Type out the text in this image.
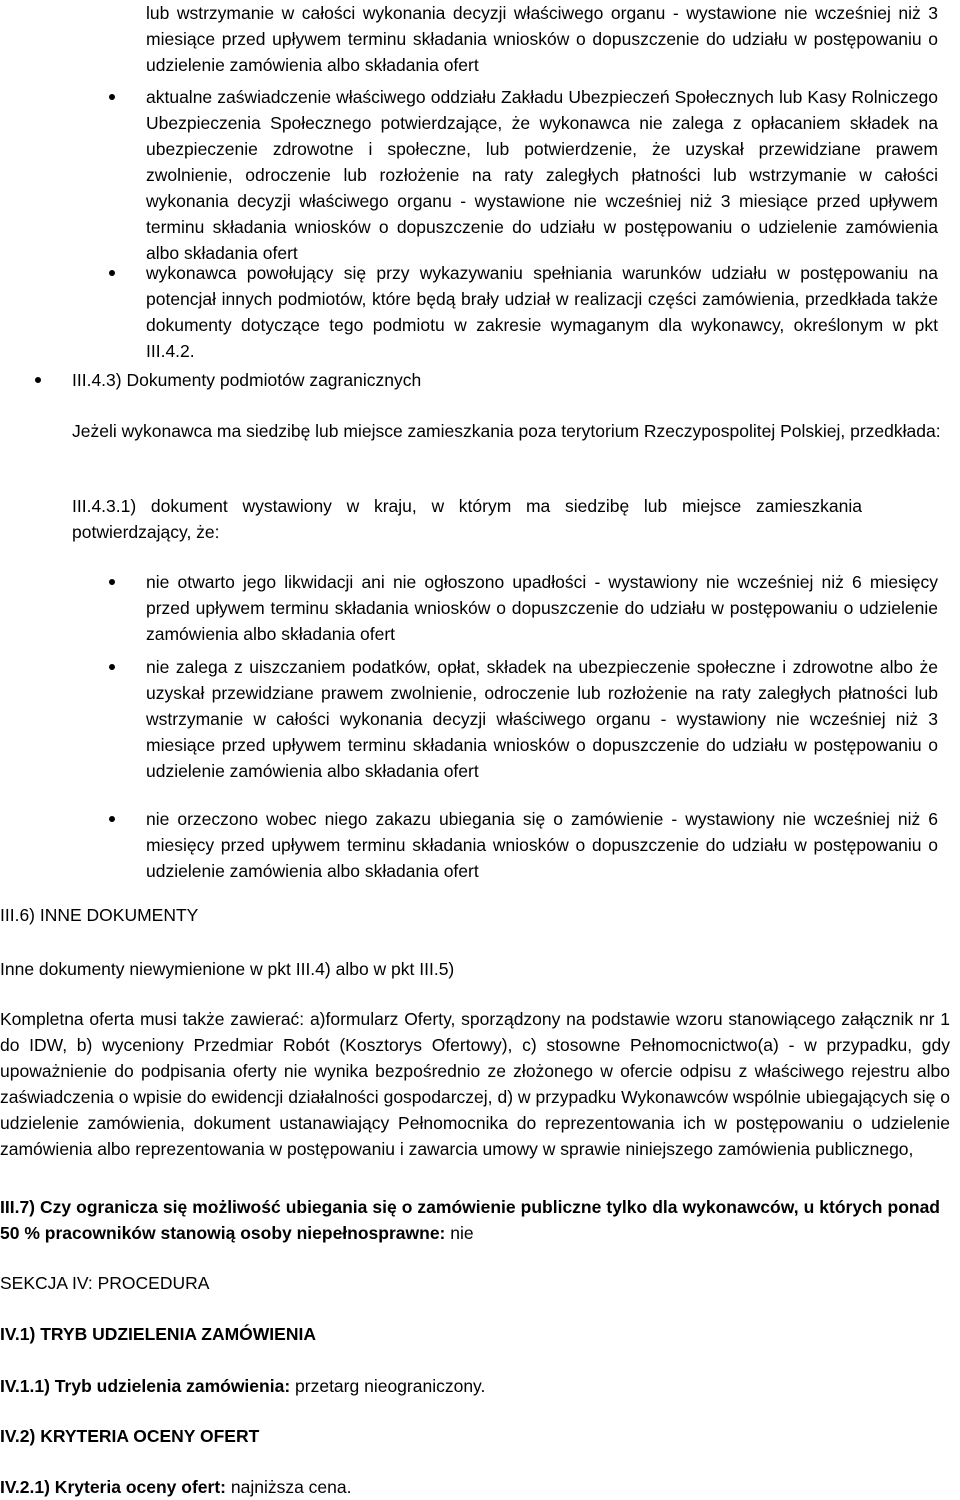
lub wstrzymanie w całości wykonania decyzji właściwego organu - wystawione nie wcześniej niż 3 miesiące przed upływem terminu składania wniosków o dopuszczenie do udziału w postępowaniu o udzielenie zamówienia albo składania ofert
aktualne zaświadczenie właściwego oddziału Zakładu Ubezpieczeń Społecznych lub Kasy Rolniczego Ubezpieczenia Społecznego potwierdzające, że wykonawca nie zalega z opłacaniem składek na ubezpieczenie zdrowotne i społeczne, lub potwierdzenie, że uzyskał przewidziane prawem zwolnienie, odroczenie lub rozłożenie na raty zaległych płatności lub wstrzymanie w całości wykonania decyzji właściwego organu - wystawione nie wcześniej niż 3 miesiące przed upływem terminu składania wniosków o dopuszczenie do udziału w postępowaniu o udzielenie zamówienia albo składania ofert
wykonawca powołujący się przy wykazywaniu spełniania warunków udziału w postępowaniu na potencjał innych podmiotów, które będą brały udział w realizacji części zamówienia, przedkłada także dokumenty dotyczące tego podmiotu w zakresie wymaganym dla wykonawcy, określonym w pkt III.4.2.
III.4.3) Dokumenty podmiotów zagranicznych
Jeżeli wykonawca ma siedzibę lub miejsce zamieszkania poza terytorium Rzeczypospolitej Polskiej, przedkłada:
III.4.3.1) dokument wystawiony w kraju, w którym ma siedzibę lub miejsce zamieszkania potwierdzający, że:
nie otwarto jego likwidacji ani nie ogłoszono upadłości - wystawiony nie wcześniej niż 6 miesięcy przed upływem terminu składania wniosków o dopuszczenie do udziału w postępowaniu o udzielenie zamówienia albo składania ofert
nie zalega z uiszczaniem podatków, opłat, składek na ubezpieczenie społeczne i zdrowotne albo że uzyskał przewidziane prawem zwolnienie, odroczenie lub rozłożenie na raty zaległych płatności lub wstrzymanie w całości wykonania decyzji właściwego organu - wystawiony nie wcześniej niż 3 miesiące przed upływem terminu składania wniosków o dopuszczenie do udziału w postępowaniu o udzielenie zamówienia albo składania ofert
nie orzeczono wobec niego zakazu ubiegania się o zamówienie - wystawiony nie wcześniej niż 6 miesięcy przed upływem terminu składania wniosków o dopuszczenie do udziału w postępowaniu o udzielenie zamówienia albo składania ofert
III.6) INNE DOKUMENTY
Inne dokumenty niewymienione w pkt III.4) albo w pkt III.5)
Kompletna oferta musi także zawierać: a)formularz Oferty, sporządzony na podstawie wzoru stanowiącego załącznik nr 1 do IDW, b) wyceniony Przedmiar Robót (Kosztorys Ofertowy), c) stosowne Pełnomocnictwo(a) - w przypadku, gdy upoważnienie do podpisania oferty nie wynika bezpośrednio ze złożonego w ofercie odpisu z właściwego rejestru albo zaświadczenia o wpisie do ewidencji działalności gospodarczej, d) w przypadku Wykonawców wspólnie ubiegających się o udzielenie zamówienia, dokument ustanawiający Pełnomocnika do reprezentowania ich w postępowaniu o udzielenie zamówienia albo reprezentowania w postępowaniu i zawarcia umowy w sprawie niniejszego zamówienia publicznego,
III.7) Czy ogranicza się możliwość ubiegania się o zamówienie publiczne tylko dla wykonawców, u których ponad 50 % pracowników stanowią osoby niepełnosprawne: nie
SEKCJA IV: PROCEDURA
IV.1) TRYB UDZIELENIA ZAMÓWIENIA
IV.1.1) Tryb udzielenia zamówienia: przetarg nieograniczony.
IV.2) KRYTERIA OCENY OFERT
IV.2.1) Kryteria oceny ofert: najniższa cena.
